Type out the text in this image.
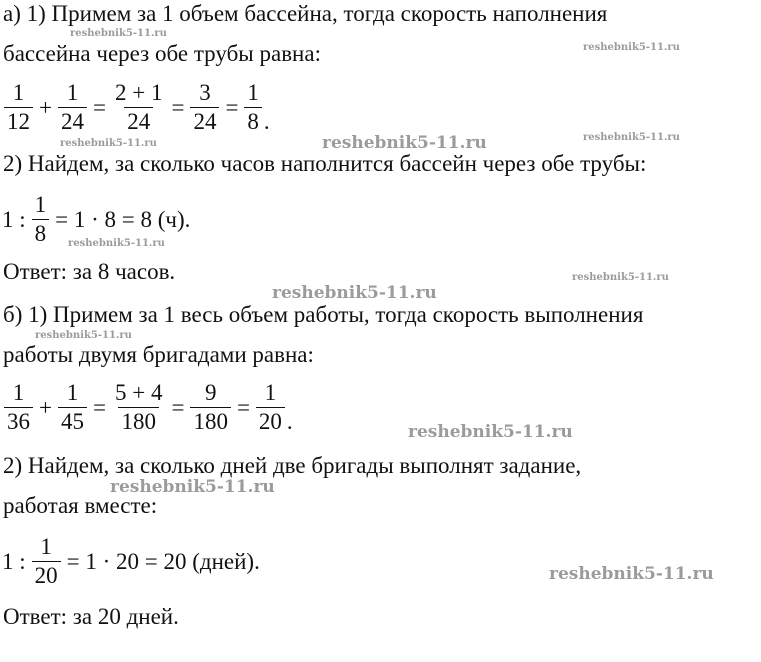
а) 1) Примем за 1 объем бассейна, тогда скорость наполнения
бассейна через обе трубы равна:
$\frac{1}{12} + \frac{1}{24} = \frac{2 + 1}{24} = \frac{3}{24} = \frac{1}{8}$ .
2) Найдем, за сколько часов наполнится бассейн через обе трубы:
1 : $\frac{1}{8} = 1 \cdot 8 = 8$ (ч).
Ответ: за 8 часов.
б) 1) Примем за 1 весь объем работы, тогда скорость выполнения
работы двумя бригадами равна:
$\frac{1}{36} + \frac{1}{45} = \frac{5 + 4}{180} = \frac{9}{180} = \frac{1}{20}$ .
2) Найдем, за сколько дней две бригады выполнят задание,
работая вместе:
1 : $\frac{1}{20} = 1 \cdot 20 = 20$ (дней).
Ответ: за 20 дней.
reshebnik5-11.ru
reshebnik5-11.ru
reshebnik5-11.ru	reshebnik5-11.ru	reshebnik5-11.ru
reshebnik5-11.ru
reshebnik5-11.ru
reshebnik5-11.ru
reshebnik5-11.ru
reshebnik5-11.ru
reshebnik5-11.ru
reshebnik5-11.ru
